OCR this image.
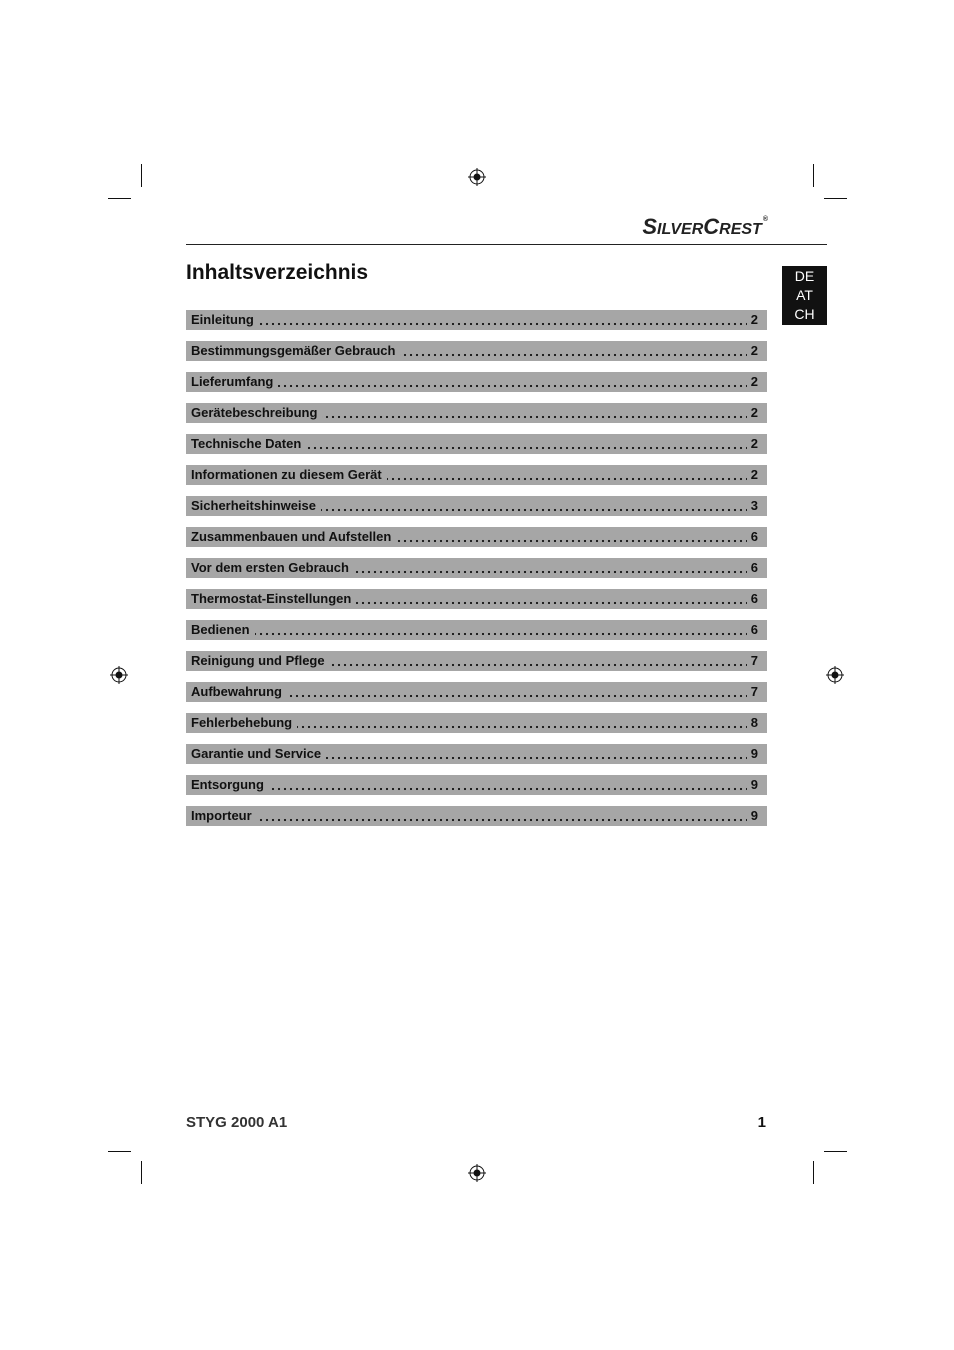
SILVERCREST®
DE
AT
CH
Inhaltsverzeichnis
Einleitung	2
Bestimmungsgemäßer Gebrauch	2
Lieferumfang	2
Gerätebeschreibung	2
Technische Daten	2
Informationen zu diesem Gerät	2
Sicherheitshinweise	3
Zusammenbauen und Aufstellen	6
Vor dem ersten Gebrauch	6
Thermostat-Einstellungen	6
Bedienen	6
Reinigung und Pflege	7
Aufbewahrung	7
Fehlerbehebung	8
Garantie und Service	9
Entsorgung	9
Importeur	9
STYG 2000 A1	1
